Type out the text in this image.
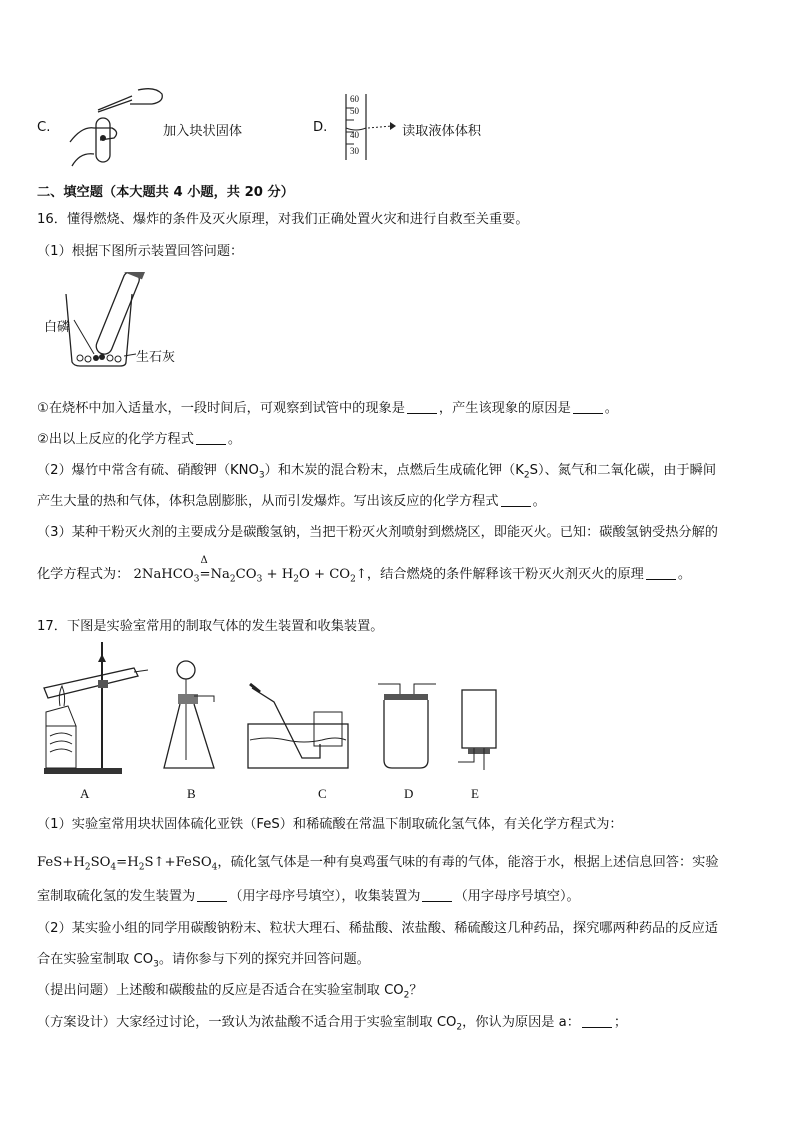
C.	加入块状固体	D.
60
50
40
30
读取液体体积
二、填空题（本大题共 4 小题，共 20 分）
16．懂得燃烧、爆炸的条件及灭火原理，对我们正确处置火灾和进行自救至关重要。
（1）根据下图所示装置回答问题：
白磷
生石灰
①在烧杯中加入适量水，一段时间后，可观察到试管中的现象是	，产生该现象的原因是	。
②出以上反应的化学方程式	。
（2）爆竹中常含有硫、硝酸钾$(KNO_3)$和木炭的混合粉末，点燃后生成硫化钾$(K_2S)$、氮气和二氧化碳，由于瞬间
产生大量的热和气体，体积急剧膨胀，从而引发爆炸。写出该反应的化学方程式	。
（3）某种干粉灭火剂的主要成分是碳酸氢钠，当把干粉灭火剂喷射到燃烧区，即能灭火。已知：碳酸氢钠受热分解的
化学方程式为： 2NaHCO$_3$
Δ
$=Na_2CO_3 + H_2O$ + $CO_2↑$，结合燃烧的条件解释该干粉灭火剂灭火的原理	。
17．下图是实验室常用的制取气体的发生装置和收集装置。
A	B	C	D	E
（1）实验室常用块状固体硫化亚铁（FeS）和稀硫酸在常温下制取硫化氢气体，有关化学方程式为：
$FeS+H_2SO_4=H_2S↑+FeSO_4$，硫化氢气体是一种有臭鸡蛋气味的有毒的气体，能溶于水，根据上述信息回答：实验
室制取硫化氢的发生装置为	（用字母序号填空），收集装置为	（用字母序号填空）。
（2）某实验小组的同学用碳酸钠粉末、粒状大理石、稀盐酸、浓盐酸、稀硫酸这几种药品，探究哪两种药品的反应适
合在实验室制取 $CO_3$。请你参与下列的探究并回答问题。
（提出问题）上述酸和碳酸盐的反应是否适合在实验室制取 $CO_2$？
（方案设计）大家经过讨论，一致认为浓盐酸不适合用于实验室制取 $CO_2$，你认为原因是 a：	；
